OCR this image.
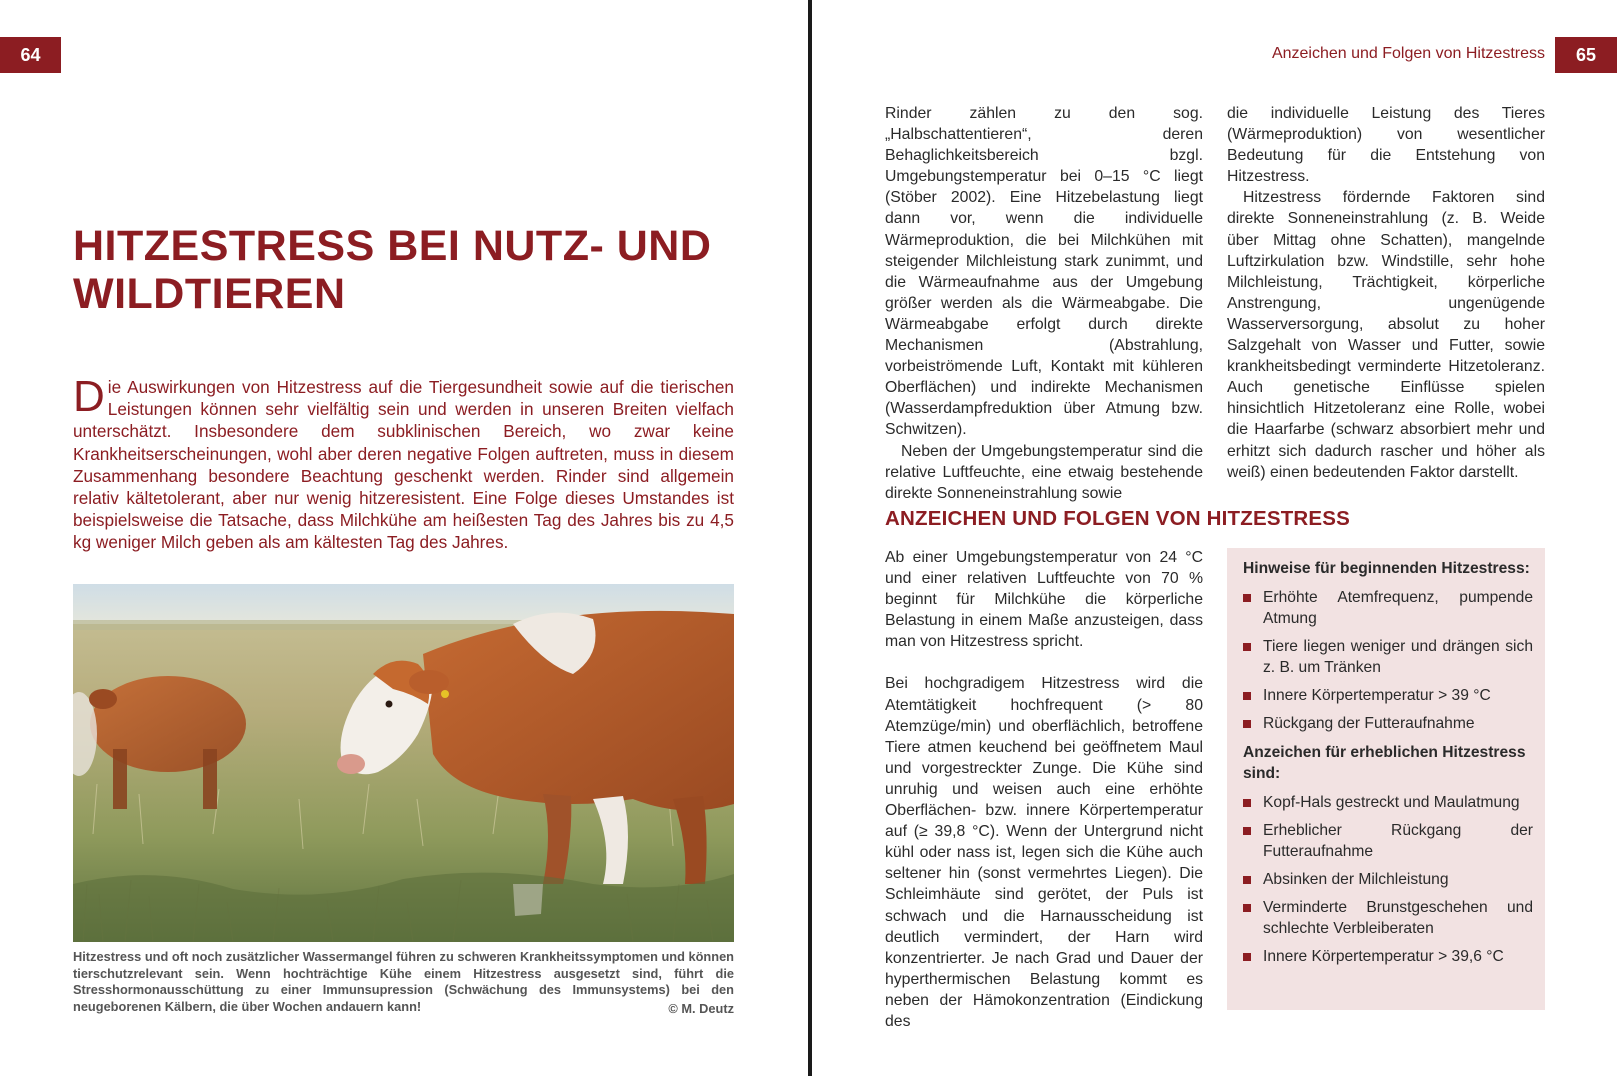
64
HITZESTRESS BEI NUTZ- UND
WILDTIEREN

Die Auswirkungen von Hitzestress auf die Tiergesundheit sowie auf die tierischen Leistungen können sehr vielfältig sein und werden in unseren Breiten vielfach unterschätzt. Insbesondere dem subklinischen Bereich, wo zwar keine Krankheitserscheinungen, wohl aber deren negative Folgen auftreten, muss in diesem Zusammenhang besondere Beachtung geschenkt werden. Rinder sind allgemein relativ kältetolerant, aber nur wenig hitzeresistent. Eine Folge dieses Umstandes ist beispielsweise die Tatsache, dass Milchkühe am heißesten Tag des Jahres bis zu 4,5 kg weniger Milch geben als am kältesten Tag des Jahres.

Hitzestress und oft noch zusätzlicher Wassermangel führen zu schweren Krankheitssymptomen und können tierschutzrelevant sein. Wenn hochträchtige Kühe einem Hitzestress ausgesetzt sind, führt die Stresshormonausschüttung zu einer Immunsupression (Schwächung des Immunsystems) bei den neugeborenen Kälbern, die über Wochen andauern kann!	© M. Deutz
Anzeichen und Folgen von Hitzestress	65

Rinder zählen zu den sog. „Halbschattentieren“, deren Behaglichkeitsbereich bzgl. Umgebungstemperatur bei 0–15 °C liegt (Stöber 2002). Eine Hitzebelastung liegt dann vor, wenn die individuelle Wärmeproduktion, die bei Milchkühen mit steigender Milchleistung stark zunimmt, und die Wärmeaufnahme aus der Umgebung größer werden als die Wärmeabgabe. Die Wärmeabgabe erfolgt durch direkte Mechanismen (Abstrahlung, vorbeiströmende Luft, Kontakt mit kühleren Oberflächen) und indirekte Mechanismen (Wasserdampfreduktion über Atmung bzw. Schwitzen).

Neben der Umgebungstemperatur sind die relative Luftfeuchte, eine etwaig bestehende direkte Sonneneinstrahlung sowie

die individuelle Leistung des Tieres (Wärmeproduktion) von wesentlicher Bedeutung für die Entstehung von Hitzestress.

Hitzestress fördernde Faktoren sind direkte Sonneneinstrahlung (z. B. Weide über Mittag ohne Schatten), mangelnde Luftzirkulation bzw. Windstille, sehr hohe Milchleistung, Trächtigkeit, körperliche Anstrengung, ungenügende Wasserversorgung, absolut zu hoher Salzgehalt von Wasser und Futter, sowie krankheitsbedingt verminderte Hitzetoleranz. Auch genetische Einflüsse spielen hinsichtlich Hitzetoleranz eine Rolle, wobei die Haarfarbe (schwarz absorbiert mehr und erhitzt sich dadurch rascher und höher als weiß) einen bedeutenden Faktor darstellt.

ANZEICHEN UND FOLGEN VON HITZESTRESS

Ab einer Umgebungstemperatur von 24 °C und einer relativen Luftfeuchte von 70 % beginnt für Milchkühe die körperliche Belastung in einem Maße anzusteigen, dass man von Hitzestress spricht.

Bei hochgradigem Hitzestress wird die Atemtätigkeit hochfrequent (> 80 Atemzüge/min) und oberflächlich, betroffene Tiere atmen keuchend bei geöffnetem Maul und vorgestreckter Zunge. Die Kühe sind unruhig und weisen auch eine erhöhte Oberflächen- bzw. innere Körpertemperatur auf (≥ 39,8 °C). Wenn der Untergrund nicht kühl oder nass ist, legen sich die Kühe auch seltener hin (sonst vermehrtes Liegen). Die Schleimhäute sind gerötet, der Puls ist schwach und die Harnausscheidung ist deutlich vermindert, der Harn wird konzentrierter. Je nach Grad und Dauer der hyperthermischen Belastung kommt es neben der Hämokonzentration (Eindickung des

Hinweise für beginnenden Hitzestress:

Erhöhte Atemfrequenz, pumpende Atmung
Tiere liegen weniger und drängen sich z. B. um Tränken
Innere Körpertemperatur > 39 °C
Rückgang der Futteraufnahme

Anzeichen für erheblichen Hitzestress sind:

Kopf-Hals gestreckt und Maulatmung
Erheblicher Rückgang der Futteraufnahme
Absinken der Milchleistung
Verminderte Brunstgeschehen und schlechte Verbleiberaten
Innere Körpertemperatur > 39,6 °C
